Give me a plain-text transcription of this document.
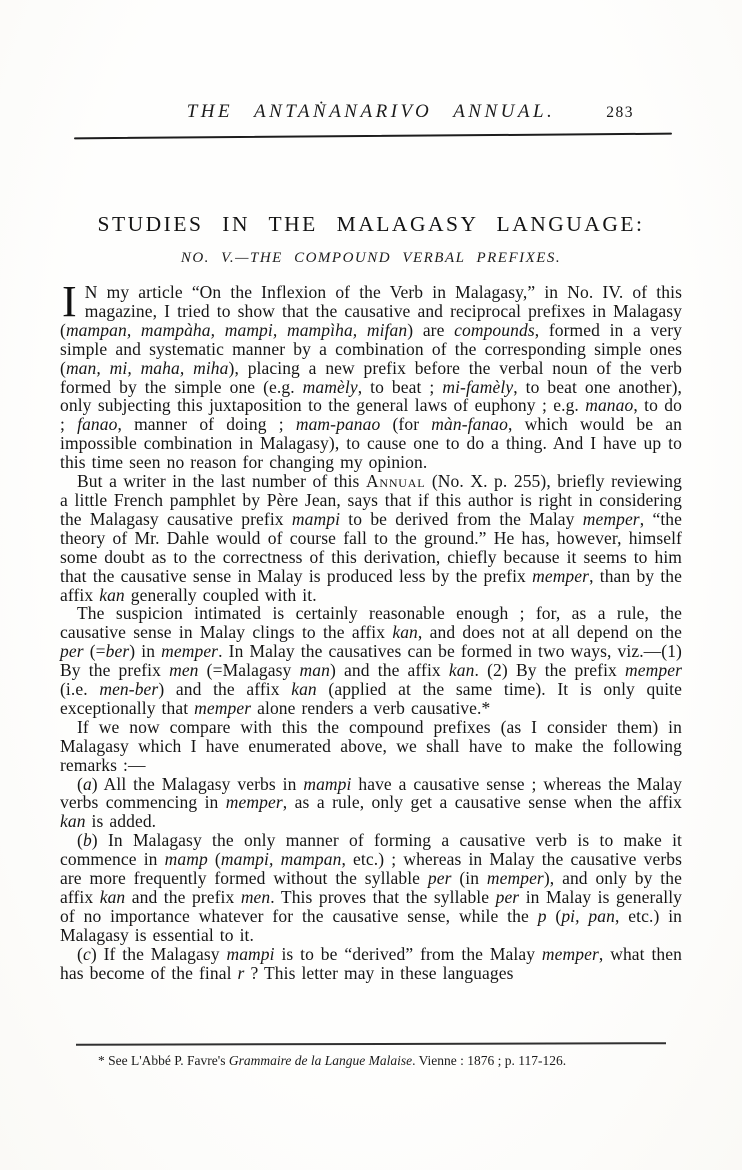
THE ANTAṄANARIVO ANNUAL.	283
STUDIES IN THE MALAGASY LANGUAGE:
NO. V.—THE COMPOUND VERBAL PREFIXES.

I N my article “On the Inflexion of the Verb in Malagasy,” in No. IV. of this magazine, I tried to show that the causative and reciprocal prefixes in Malagasy (mampan, mampàha, mampi, mampìha, mifan) are compounds, formed in a very simple and systematic manner by a combination of the corresponding simple ones (man, mi, maha, miha), placing a new prefix before the verbal noun of the verb formed by the simple one (e.g. mamèly, to beat ; mi-famèly, to beat one another), only subjecting this juxtaposition to the general laws of euphony ; e.g. manao, to do ; fanao, manner of doing ; mam-panao (for màn-fanao, which would be an impossible combination in Malagasy), to cause one to do a thing. And I have up to this time seen no reason for changing my opinion.

But a writer in the last number of this Annual (No. X. p. 255), briefly reviewing a little French pamphlet by Père Jean, says that if this author is right in considering the Malagasy causative prefix mampi to be derived from the Malay memper, “the theory of Mr. Dahle would of course fall to the ground.” He has, however, himself some doubt as to the correctness of this derivation, chiefly because it seems to him that the causative sense in Malay is produced less by the prefix memper, than by the affix kan generally coupled with it.

The suspicion intimated is certainly reasonable enough ; for, as a rule, the causative sense in Malay clings to the affix kan, and does not at all depend on the per (=ber) in memper. In Malay the causatives can be formed in two ways, viz.—(1) By the prefix men (=Malagasy man) and the affix kan. (2) By the prefix memper (i.e. men-ber) and the affix kan (applied at the same time). It is only quite exceptionally that memper alone renders a verb causative.*

If we now compare with this the compound prefixes (as I consider them) in Malagasy which I have enumerated above, we shall have to make the following remarks :—

(a) All the Malagasy verbs in mampi have a causative sense ; whereas the Malay verbs commencing in memper, as a rule, only get a causative sense when the affix kan is added.

(b) In Malagasy the only manner of forming a causative verb is to make it commence in mamp (mampi, mampan, etc.) ; whereas in Malay the causative verbs are more frequently formed without the syllable per (in memper), and only by the affix kan and the prefix men. This proves that the syllable per in Malay is generally of no importance whatever for the causative sense, while the p (pi, pan, etc.) in Malagasy is essential to it.

(c) If the Malagasy mampi is to be “derived” from the Malay memper, what then has become of the final r ? This letter may in these languages

* See L'Abbé P. Favre's Grammaire de la Langue Malaise. Vienne : 1876 ; p. 117-126.
